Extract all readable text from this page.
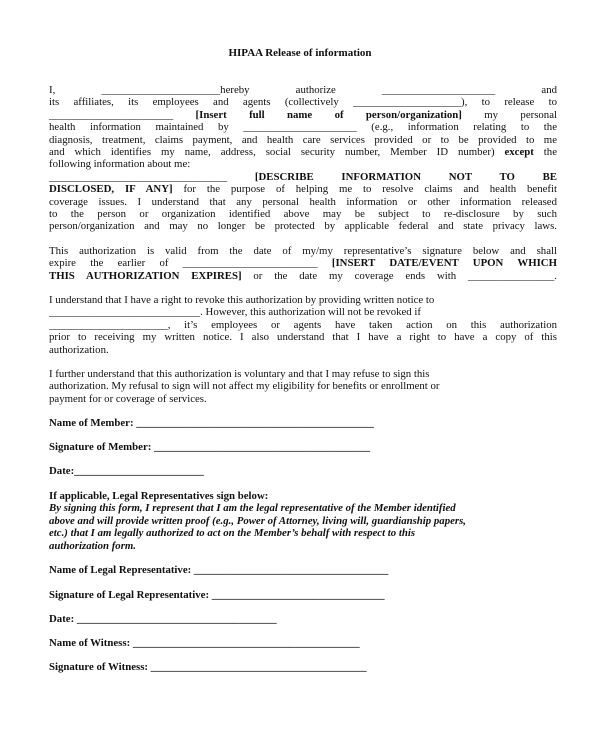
HIPAA Release of information

I, ______________________hereby authorize _____________________ and
its affiliates, its employees and agents (collectively ____________________), to release to
_______________________ [Insert full name of person/organization] my personal
health information maintained by _____________________ (e.g., information relating to the
diagnosis, treatment, claims payment, and health care services provided or to be provided to me
and which identifies my name, address, social security number, Member ID number) except the
following information about me:
_________________________________ [DESCRIBE INFORMATION NOT TO BE
DISCLOSED, IF ANY] for the purpose of helping me to resolve claims and health benefit
coverage issues. I understand that any personal health information or other information released
to the person or organization identified above may be subject to re-disclosure by such
person/organization and may no longer be protected by applicable federal and state privacy laws.
This authorization is valid from the date of my/my representative’s signature below and shall
expire the earlier of _________________________ [INSERT DATE/EVENT UPON WHICH
THIS AUTHORIZATION EXPIRES] or the date my coverage ends with ________________.
I understand that I have a right to revoke this authorization by providing written notice to
____________________________. However, this authorization will not be revoked if
______________________, it’s employees or agents have taken action on this authorization
prior to receiving my written notice. I also understand that I have a right to have a copy of this
authorization.
I further understand that this authorization is voluntary and that I may refuse to sign this
authorization. My refusal to sign will not affect my eligibility for benefits or enrollment or
payment for or coverage of services.

Name of Member: ____________________________________________

Signature of Member: ________________________________________

Date:________________________

If applicable, Legal Representatives sign below:
By signing this form, I represent that I am the legal representative of the Member identified
above and will provide written proof (e.g., Power of Attorney, living will, guardianship papers,
etc.) that I am legally authorized to act on the Member’s behalf with respect to this
authorization form.

Name of Legal Representative: ____________________________________

Signature of Legal Representative: ________________________________

Date: _____________________________________

Name of Witness: __________________________________________

Signature of Witness: ________________________________________
